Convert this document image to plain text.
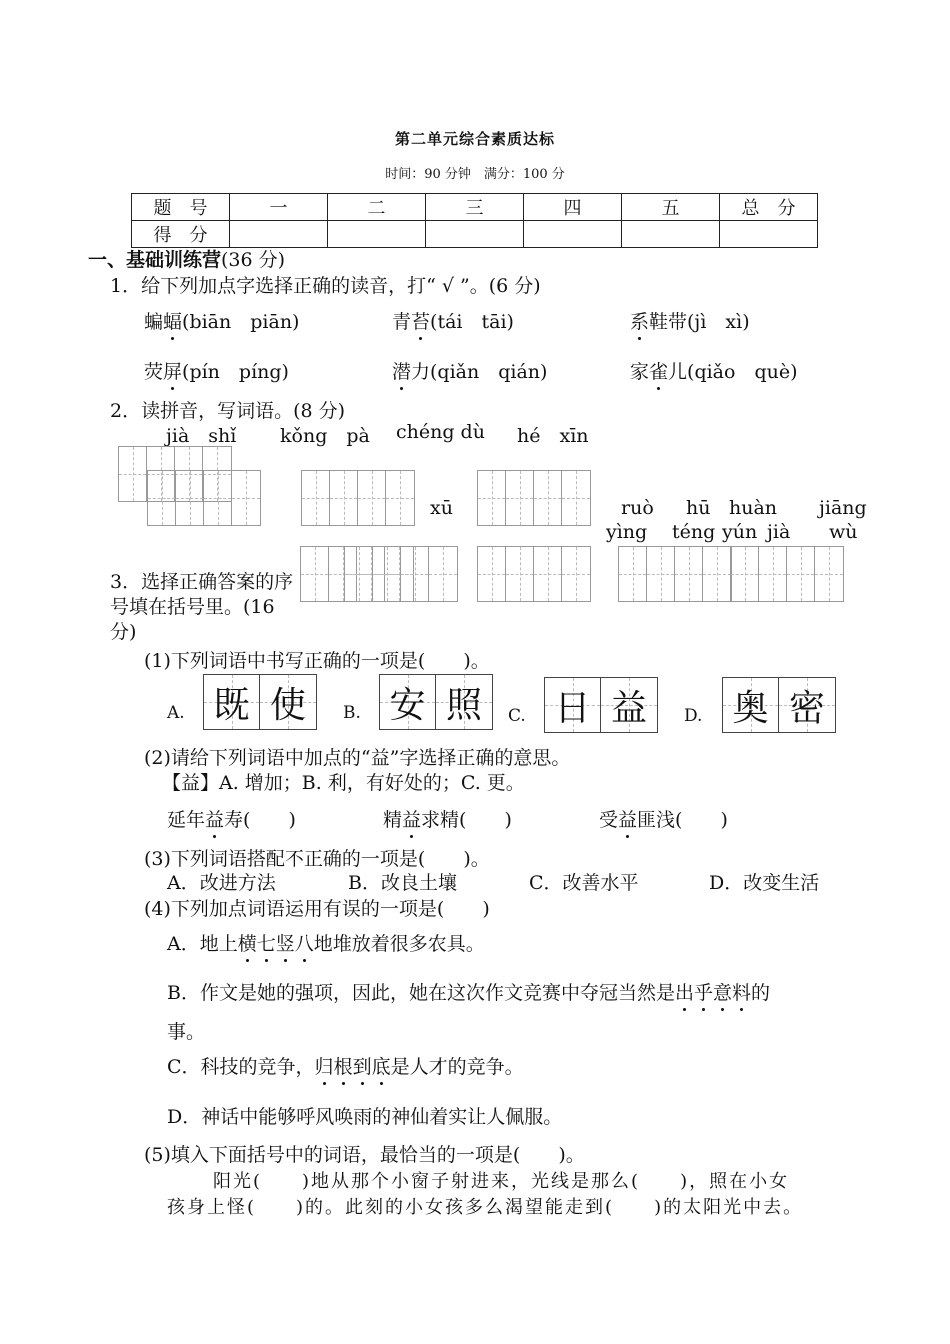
第二单元综合素质达标
时间：90 分钟　满分：100 分
题　号	一	二	三	四	五	总　分
得　分						
一、基础训练营(36 分)
1．给下列加点字选择正确的读音，打“ √ ”。(6 分)
蝙蝠(biān　piān)	青苔(tái　tāi)	系鞋带(jì　xì)
荧屏(pín　píng)	潜力(qiǎn　qián)	家雀儿(qiǎo　què)
2．读拼音，写词语。(8 分)
jià　shǐ kǒng　pà chéng dù hé　xīn
xū	ruò hū huàn jiāng
yìng téng yún jià wù
3．选择正确答案的序号填在括号里。(16 分)
(1)下列词语中书写正确的一项是(　　)。
A. 既 使 B. 安 照 C. 日 益 D. 奥 密
(2)请给下列词语中加点的“益”字选择正确的意思。
【益】A. 增加；B. 利，有好处的；C. 更。
延年益寿(　　)	精益求精(　　)	受益匪浅(　　)
(3)下列词语搭配不正确的一项是(　　)。
A．改进方法	B．改良土壤	C．改善水平	D．改变生活
(4)下列加点词语运用有误的一项是(　　)
A．地上横七竖八地堆放着很多农具。
B．作文是她的强项，因此，她在这次作文竞赛中夺冠当然是出乎意料的
事。
C．科技的竞争，归根到底是人才的竞争。
D．神话中能够呼风唤雨的神仙着实让人佩服。
(5)填入下面括号中的词语，最恰当的一项是(　　)。
阳光(　　)地从那个小窗子射进来，光线是那么(　　)，照在小女
孩身上怪(　　)的。此刻的小女孩多么渴望能走到(　　)的太阳光中去。
